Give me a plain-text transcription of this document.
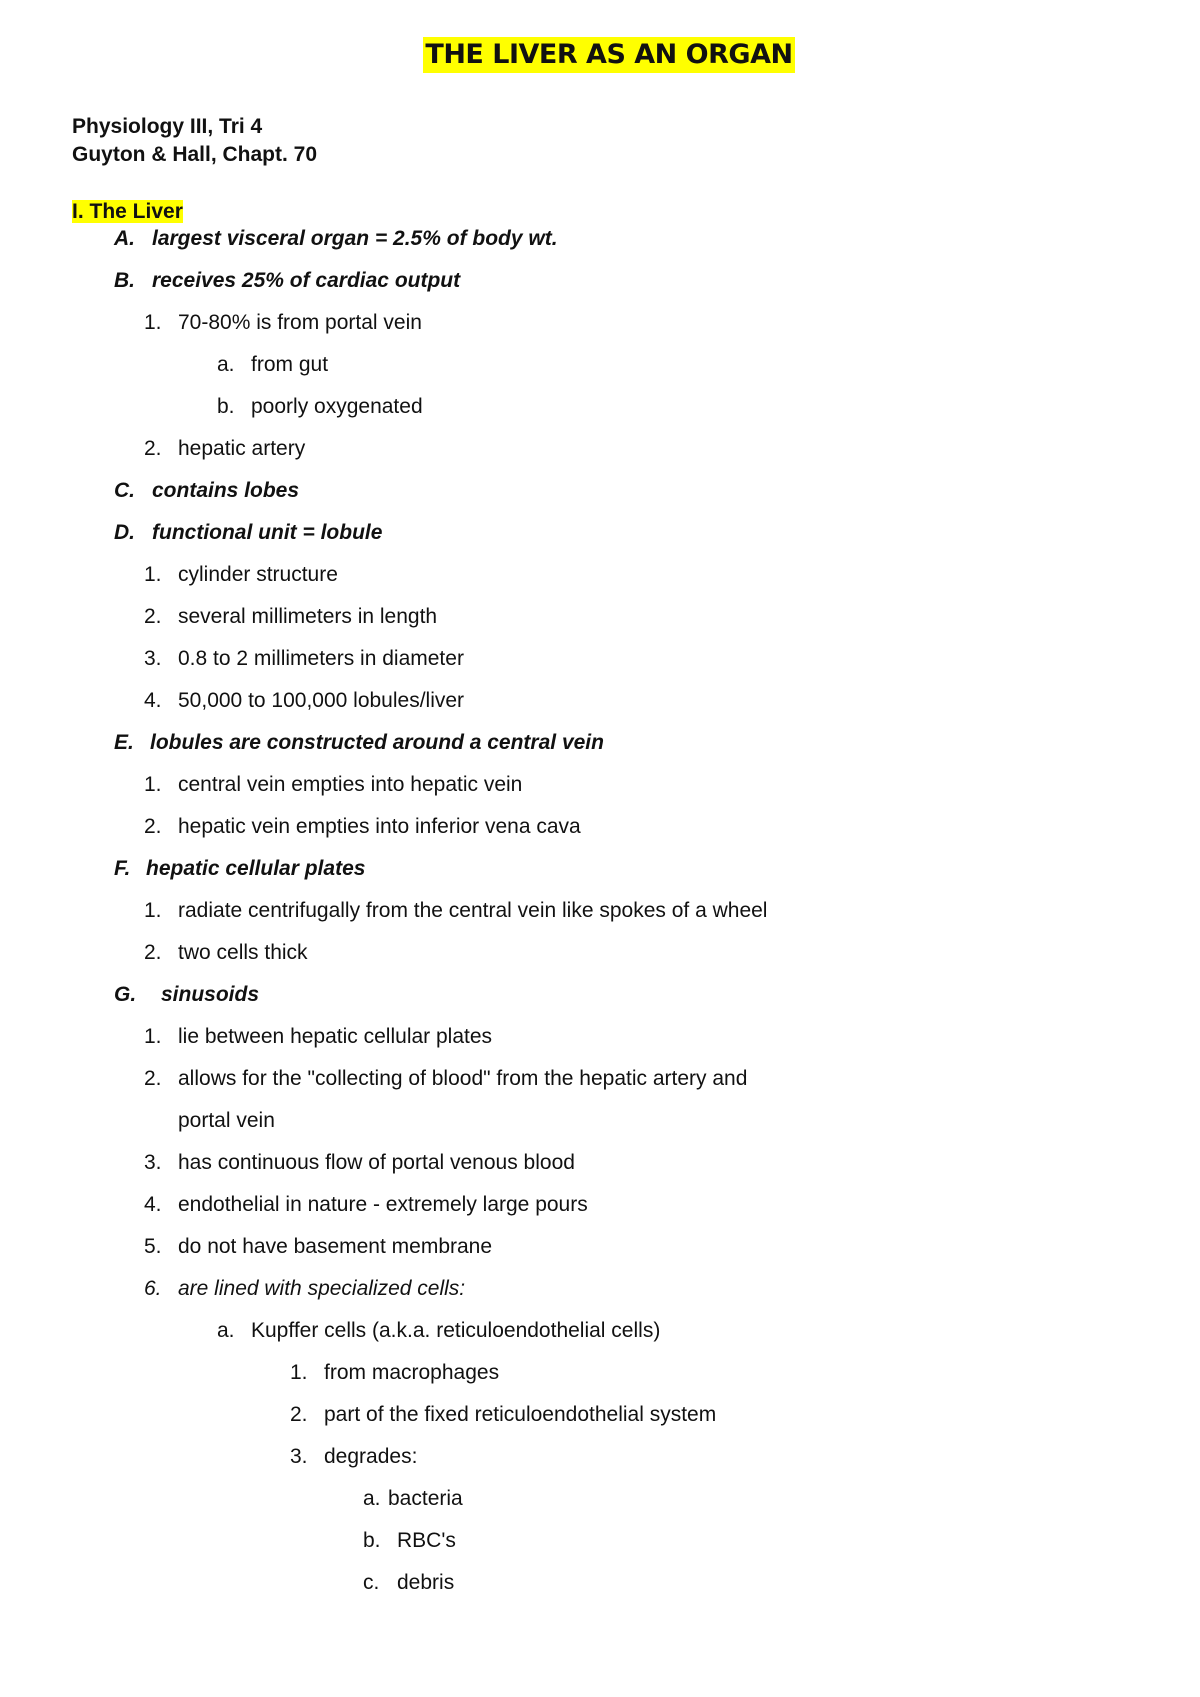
THE LIVER AS AN ORGAN
Physiology III, Tri 4
Guyton & Hall, Chapt. 70
I. The Liver
A. largest visceral organ = 2.5% of body wt.
B. receives 25% of cardiac output
1. 70-80% is from portal vein
a. from gut
b. poorly oxygenated
2. hepatic artery
C. contains lobes
D. functional unit = lobule
1. cylinder structure
2. several millimeters in length
3. 0.8 to 2 millimeters in diameter
4. 50,000 to 100,000 lobules/liver
E. lobules are constructed around a central vein
1. central vein empties into hepatic vein
2. hepatic vein empties into inferior vena cava
F. hepatic cellular plates
1. radiate centrifugally from the central vein like spokes of a wheel
2. two cells thick
G. sinusoids
1. lie between hepatic cellular plates
2. allows for the "collecting of blood" from the hepatic artery and
portal vein
3. has continuous flow of portal venous blood
4. endothelial in nature - extremely large pours
5. do not have basement membrane
6. are lined with specialized cells:
a. Kupffer cells (a.k.a. reticuloendothelial cells)
1. from macrophages
2. part of the fixed reticuloendothelial system
3. degrades:
a. bacteria
b. RBC's
c. debris
